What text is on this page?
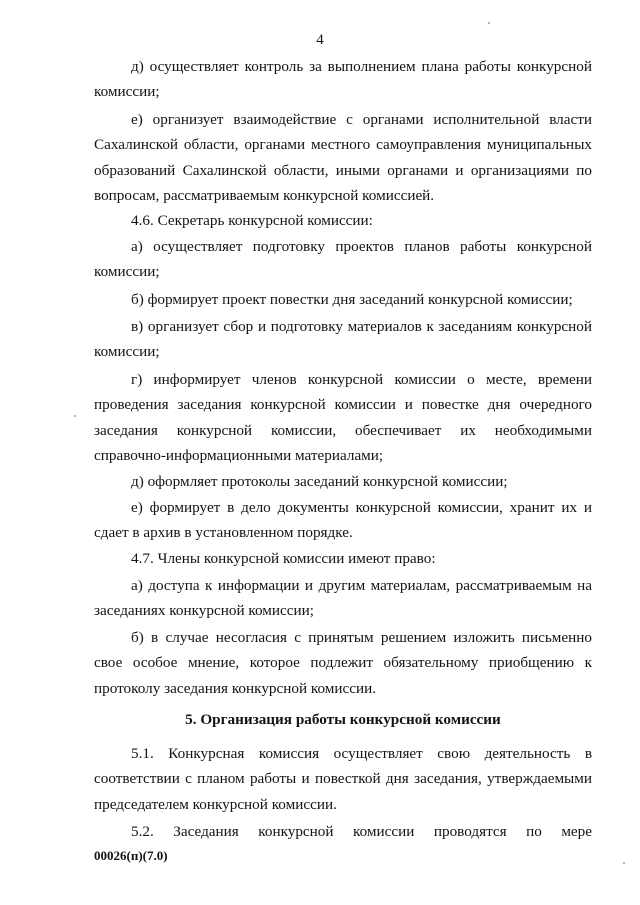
4

д) осуществляет контроль за выполнением плана работы конкурсной комиссии;

е) организует взаимодействие с органами исполнительной власти Сахалинской области, органами местного самоуправления муниципальных образований Сахалинской области, иными органами и организациями по вопросам, рассматриваемым конкурсной комиссией.

4.6. Секретарь конкурсной комиссии:

а) осуществляет подготовку проектов планов работы конкурсной комиссии;

б) формирует проект повестки дня заседаний конкурсной комиссии;

в) организует сбор и подготовку материалов к заседаниям конкурсной комиссии;

г) информирует членов конкурсной комиссии о месте, времени проведения заседания конкурсной комиссии и повестке дня очередного заседания конкурсной комиссии, обеспечивает их необходимыми справочно-информационными материалами;

д) оформляет протоколы заседаний конкурсной комиссии;

е) формирует в дело документы конкурсной комиссии, хранит их и сдает в архив в установленном порядке.

4.7. Члены конкурсной комиссии имеют право:

а) доступа к информации и другим материалам, рассматриваемым на заседаниях конкурсной комиссии;

б) в случае несогласия с принятым решением изложить письменно свое особое мнение, которое подлежит обязательному приобщению к протоколу заседания конкурсной комиссии.

5. Организация работы конкурсной комиссии

5.1. Конкурсная комиссия осуществляет свою деятельность в соответствии с планом работы и повесткой дня заседания, утверждаемыми председателем конкурсной комиссии.

5.2. Заседания конкурсной комиссии проводятся по мере

00026(п)(7.0)
